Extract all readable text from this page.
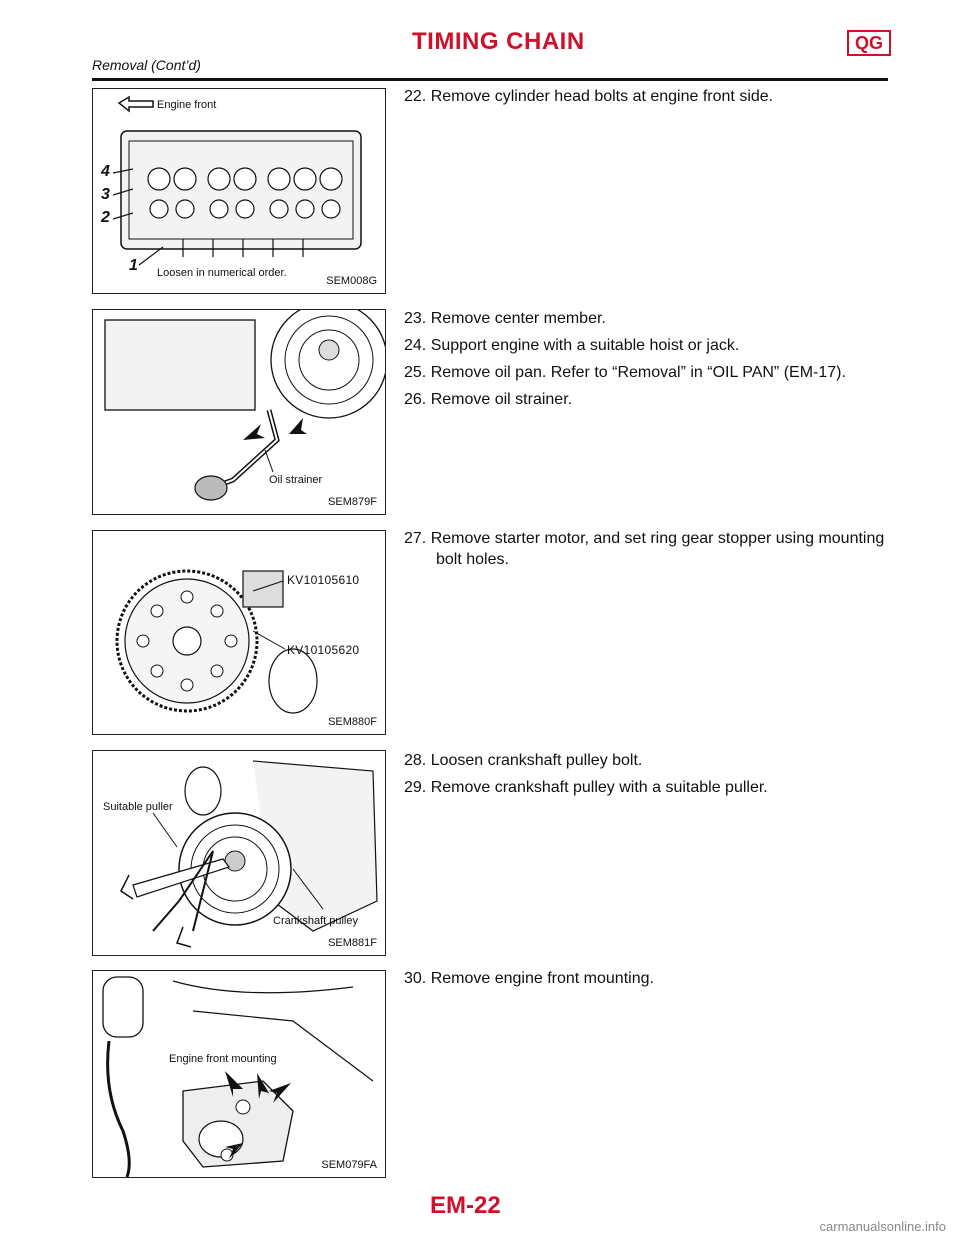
TIMING CHAIN	QG
Removal (Cont’d)
Engine front
4
3
2
1 Loosen in numerical order.
SEM008G
Oil strainer
SEM879F
KV10105610
KV10105620
SEM880F
Suitable puller
Crankshaft pulley
SEM881F
Engine front mounting
SEM079FA

22. Remove cylinder head bolts at engine front side.

23. Remove center member.

24. Support engine with a suitable hoist or jack.

25. Remove oil pan. Refer to “Removal” in “OIL PAN” (EM-17).

26. Remove oil strainer.

27. Remove starter motor, and set ring gear stopper using mounting bolt holes.

28. Loosen crankshaft pulley bolt.

29. Remove crankshaft pulley with a suitable puller.

30. Remove engine front mounting.

EM-22
carmanualsonline.info
